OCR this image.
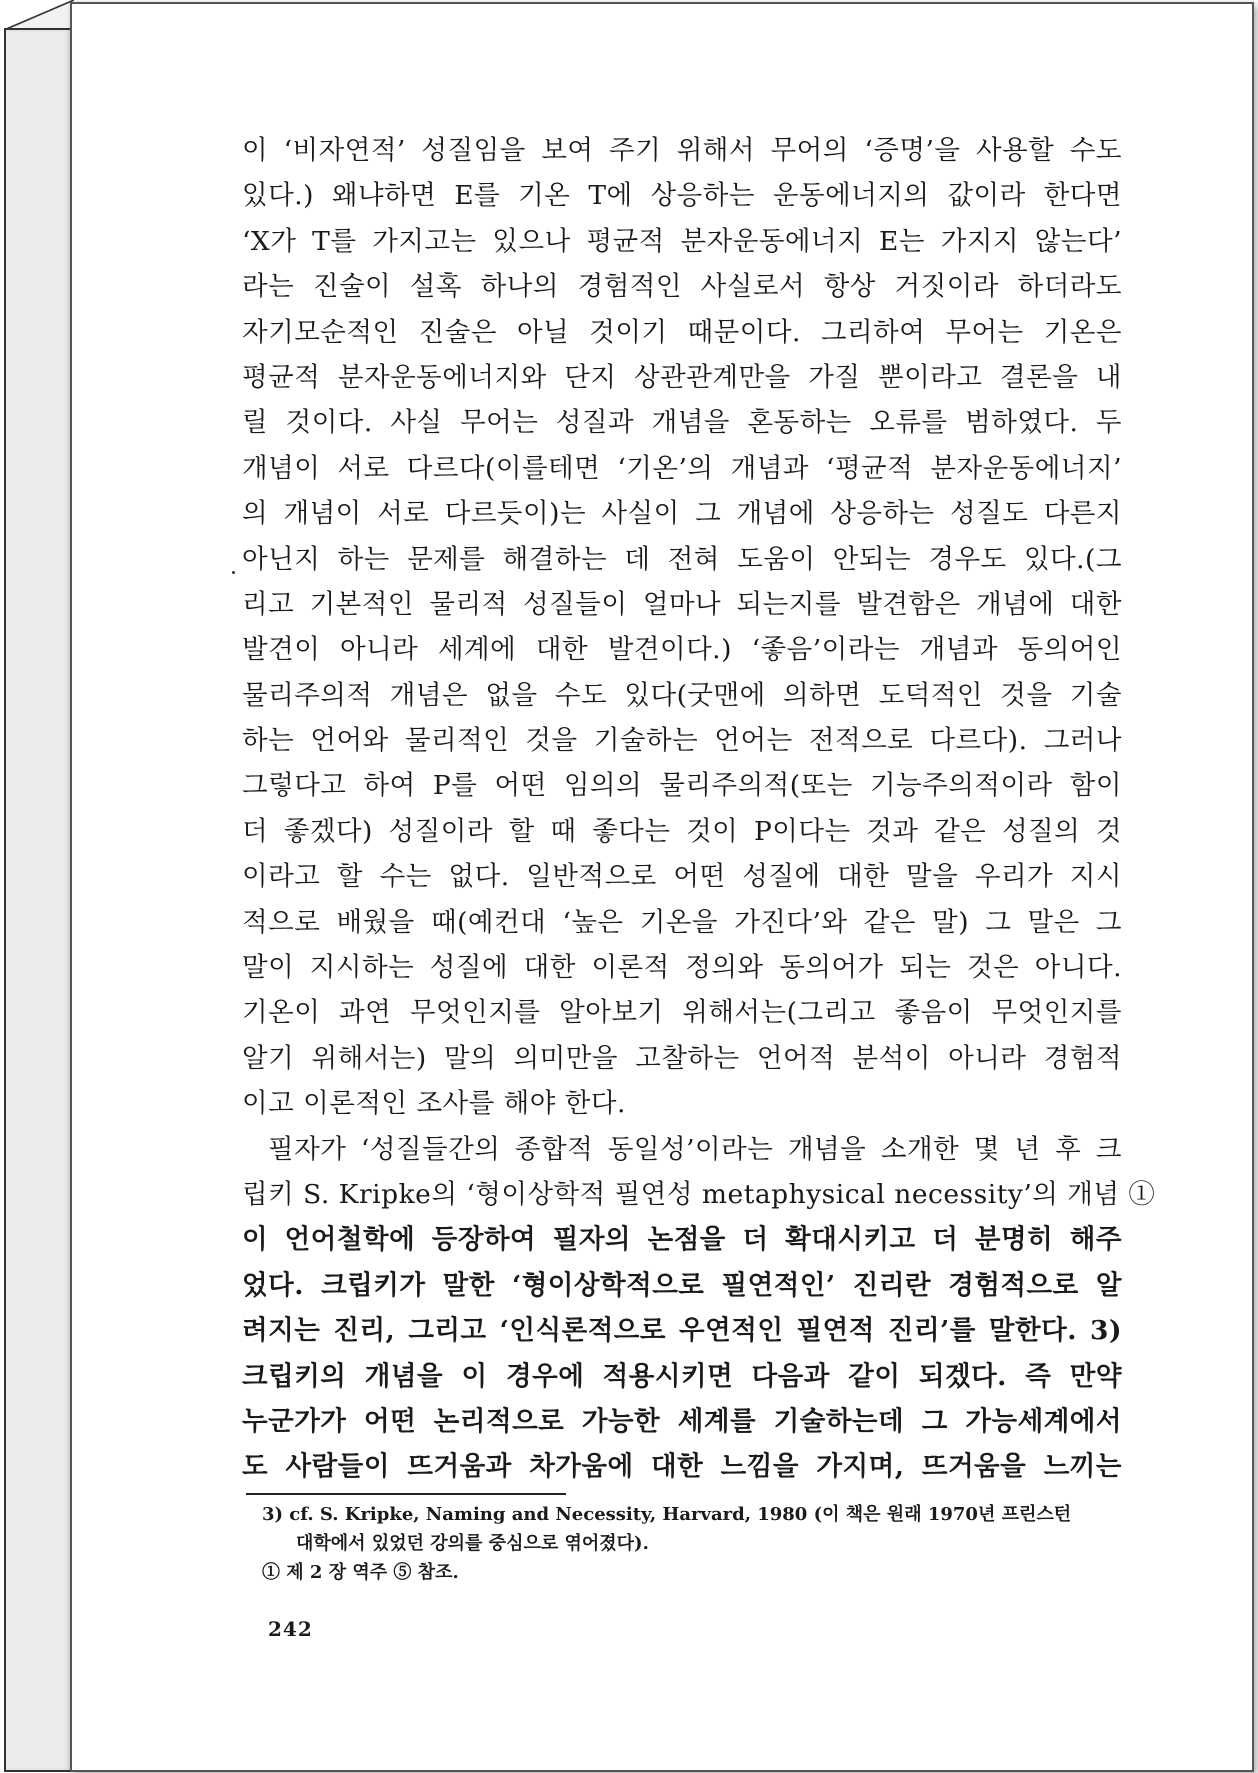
이 ‘비자연적’ 성질임을 보여 주기 위해서 무어의 ‘증명’을 사용할 수도
있다.) 왜냐하면 E를 기온 T에 상응하는 운동에너지의 값이라 한다면
‘X가 T를 가지고는 있으나 평균적 분자운동에너지 E는 가지지 않는다’
라는 진술이 설혹 하나의 경험적인 사실로서 항상 거짓이라 하더라도
자기모순적인 진술은 아닐 것이기 때문이다. 그리하여 무어는 기온은
평균적 분자운동에너지와 단지 상관관계만을 가질 뿐이라고 결론을 내
릴 것이다. 사실 무어는 성질과 개념을 혼동하는 오류를 범하였다. 두
개념이 서로 다르다(이를테면 ‘기온’의 개념과 ‘평균적 분자운동에너지’
의 개념이 서로 다르듯이)는 사실이 그 개념에 상응하는 성질도 다른지
아닌지 하는 문제를 해결하는 데 전혀 도움이 안되는 경우도 있다.(그
리고 기본적인 물리적 성질들이 얼마나 되는지를 발견함은 개념에 대한
발견이 아니라 세계에 대한 발견이다.) ‘좋음’이라는 개념과 동의어인
물리주의적 개념은 없을 수도 있다(굿맨에 의하면 도덕적인 것을 기술
하는 언어와 물리적인 것을 기술하는 언어는 전적으로 다르다). 그러나
그렇다고 하여 P를 어떤 임의의 물리주의적(또는 기능주의적이라 함이
더 좋겠다) 성질이라 할 때 좋다는 것이 P이다는 것과 같은 성질의 것
이라고 할 수는 없다. 일반적으로 어떤 성질에 대한 말을 우리가 지시
적으로 배웠을 때(예컨대 ‘높은 기온을 가진다’와 같은 말) 그 말은 그
말이 지시하는 성질에 대한 이론적 정의와 동의어가 되는 것은 아니다.
기온이 과연 무엇인지를 알아보기 위해서는(그리고 좋음이 무엇인지를
알기 위해서는) 말의 의미만을 고찰하는 언어적 분석이 아니라 경험적
이고 이론적인 조사를 해야 한다.
필자가 ‘성질들간의 종합적 동일성’이라는 개념을 소개한 몇 년 후 크
립키 S. Kripke의 ‘형이상학적 필연성 metaphysical necessity’의 개념 ①
이 언어철학에 등장하여 필자의 논점을 더 확대시키고 더 분명히 해주
었다. 크립키가 말한 ‘형이상학적으로 필연적인’ 진리란 경험적으로 알
려지는 진리, 그리고 ‘인식론적으로 우연적인 필연적 진리’를 말한다. 3)
크립키의 개념을 이 경우에 적용시키면 다음과 같이 되겠다. 즉 만약
누군가가 어떤 논리적으로 가능한 세계를 기술하는데 그 가능세계에서
도 사람들이 뜨거움과 차가움에 대한 느낌을 가지며, 뜨거움을 느끼는
3) cf. S. Kripke, Naming and Necessity, Harvard, 1980 (이 책은 원래 1970년 프린스턴
대학에서 있었던 강의를 중심으로 엮어졌다).
① 제 2 장 역주 ⑤ 참조.
242
